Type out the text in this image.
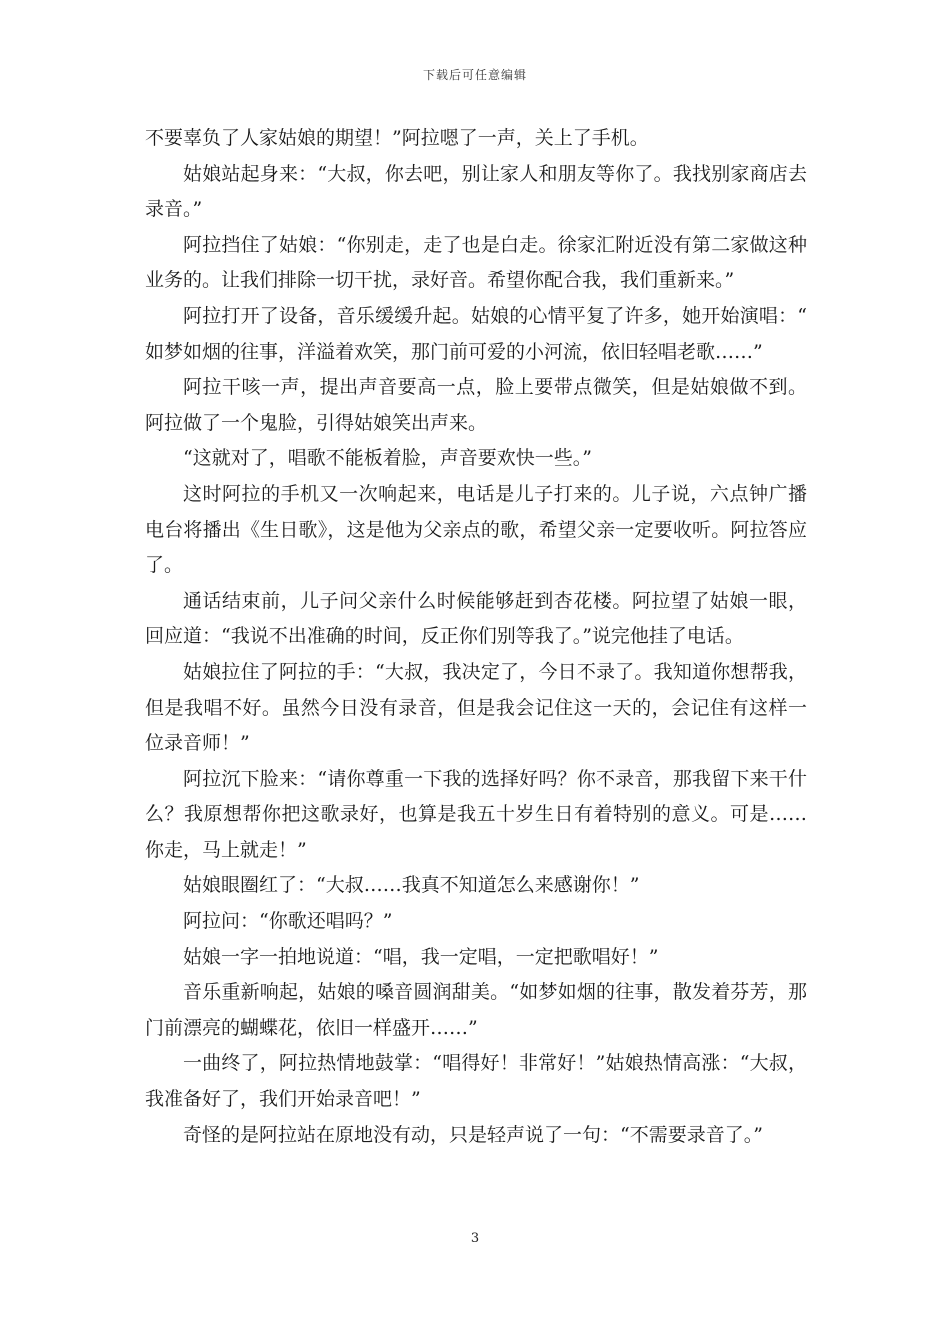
下载后可任意编辑

不要辜负了人家姑娘的期望！”阿拉嗯了一声，关上了手机。

姑娘站起身来：“大叔，你去吧，别让家人和朋友等你了。我找别家商店去录音。”

阿拉挡住了姑娘：“你别走，走了也是白走。徐家汇附近没有第二家做这种业务的。让我们排除一切干扰，录好音。希望你配合我，我们重新来。”

阿拉打开了设备，音乐缓缓升起。姑娘的心情平复了许多，她开始演唱：“如梦如烟的往事，洋溢着欢笑，那门前可爱的小河流，依旧轻唱老歌……”

阿拉干咳一声，提出声音要高一点，脸上要带点微笑，但是姑娘做不到。阿拉做了一个鬼脸，引得姑娘笑出声来。

“这就对了，唱歌不能板着脸，声音要欢快一些。”

这时阿拉的手机又一次响起来，电话是儿子打来的。儿子说，六点钟广播电台将播出《生日歌》，这是他为父亲点的歌，希望父亲一定要收听。阿拉答应了。

通话结束前，儿子问父亲什么时候能够赶到杏花楼。阿拉望了姑娘一眼，回应道：“我说不出准确的时间，反正你们别等我了。”说完他挂了电话。

姑娘拉住了阿拉的手：“大叔，我决定了，今日不录了。我知道你想帮我，但是我唱不好。虽然今日没有录音，但是我会记住这一天的，会记住有这样一位录音师！”

阿拉沉下脸来：“请你尊重一下我的选择好吗？你不录音，那我留下来干什么？我原想帮你把这歌录好，也算是我五十岁生日有着特别的意义。可是……你走，马上就走！”

姑娘眼圈红了：“大叔……我真不知道怎么来感谢你！”

阿拉问：“你歌还唱吗？”

姑娘一字一拍地说道：“唱，我一定唱，一定把歌唱好！”

音乐重新响起，姑娘的嗓音圆润甜美。“如梦如烟的往事，散发着芬芳，那门前漂亮的蝴蝶花，依旧一样盛开……”

一曲终了，阿拉热情地鼓掌：“唱得好！非常好！”姑娘热情高涨：“大叔，我准备好了，我们开始录音吧！”

奇怪的是阿拉站在原地没有动，只是轻声说了一句：“不需要录音了。”

3
